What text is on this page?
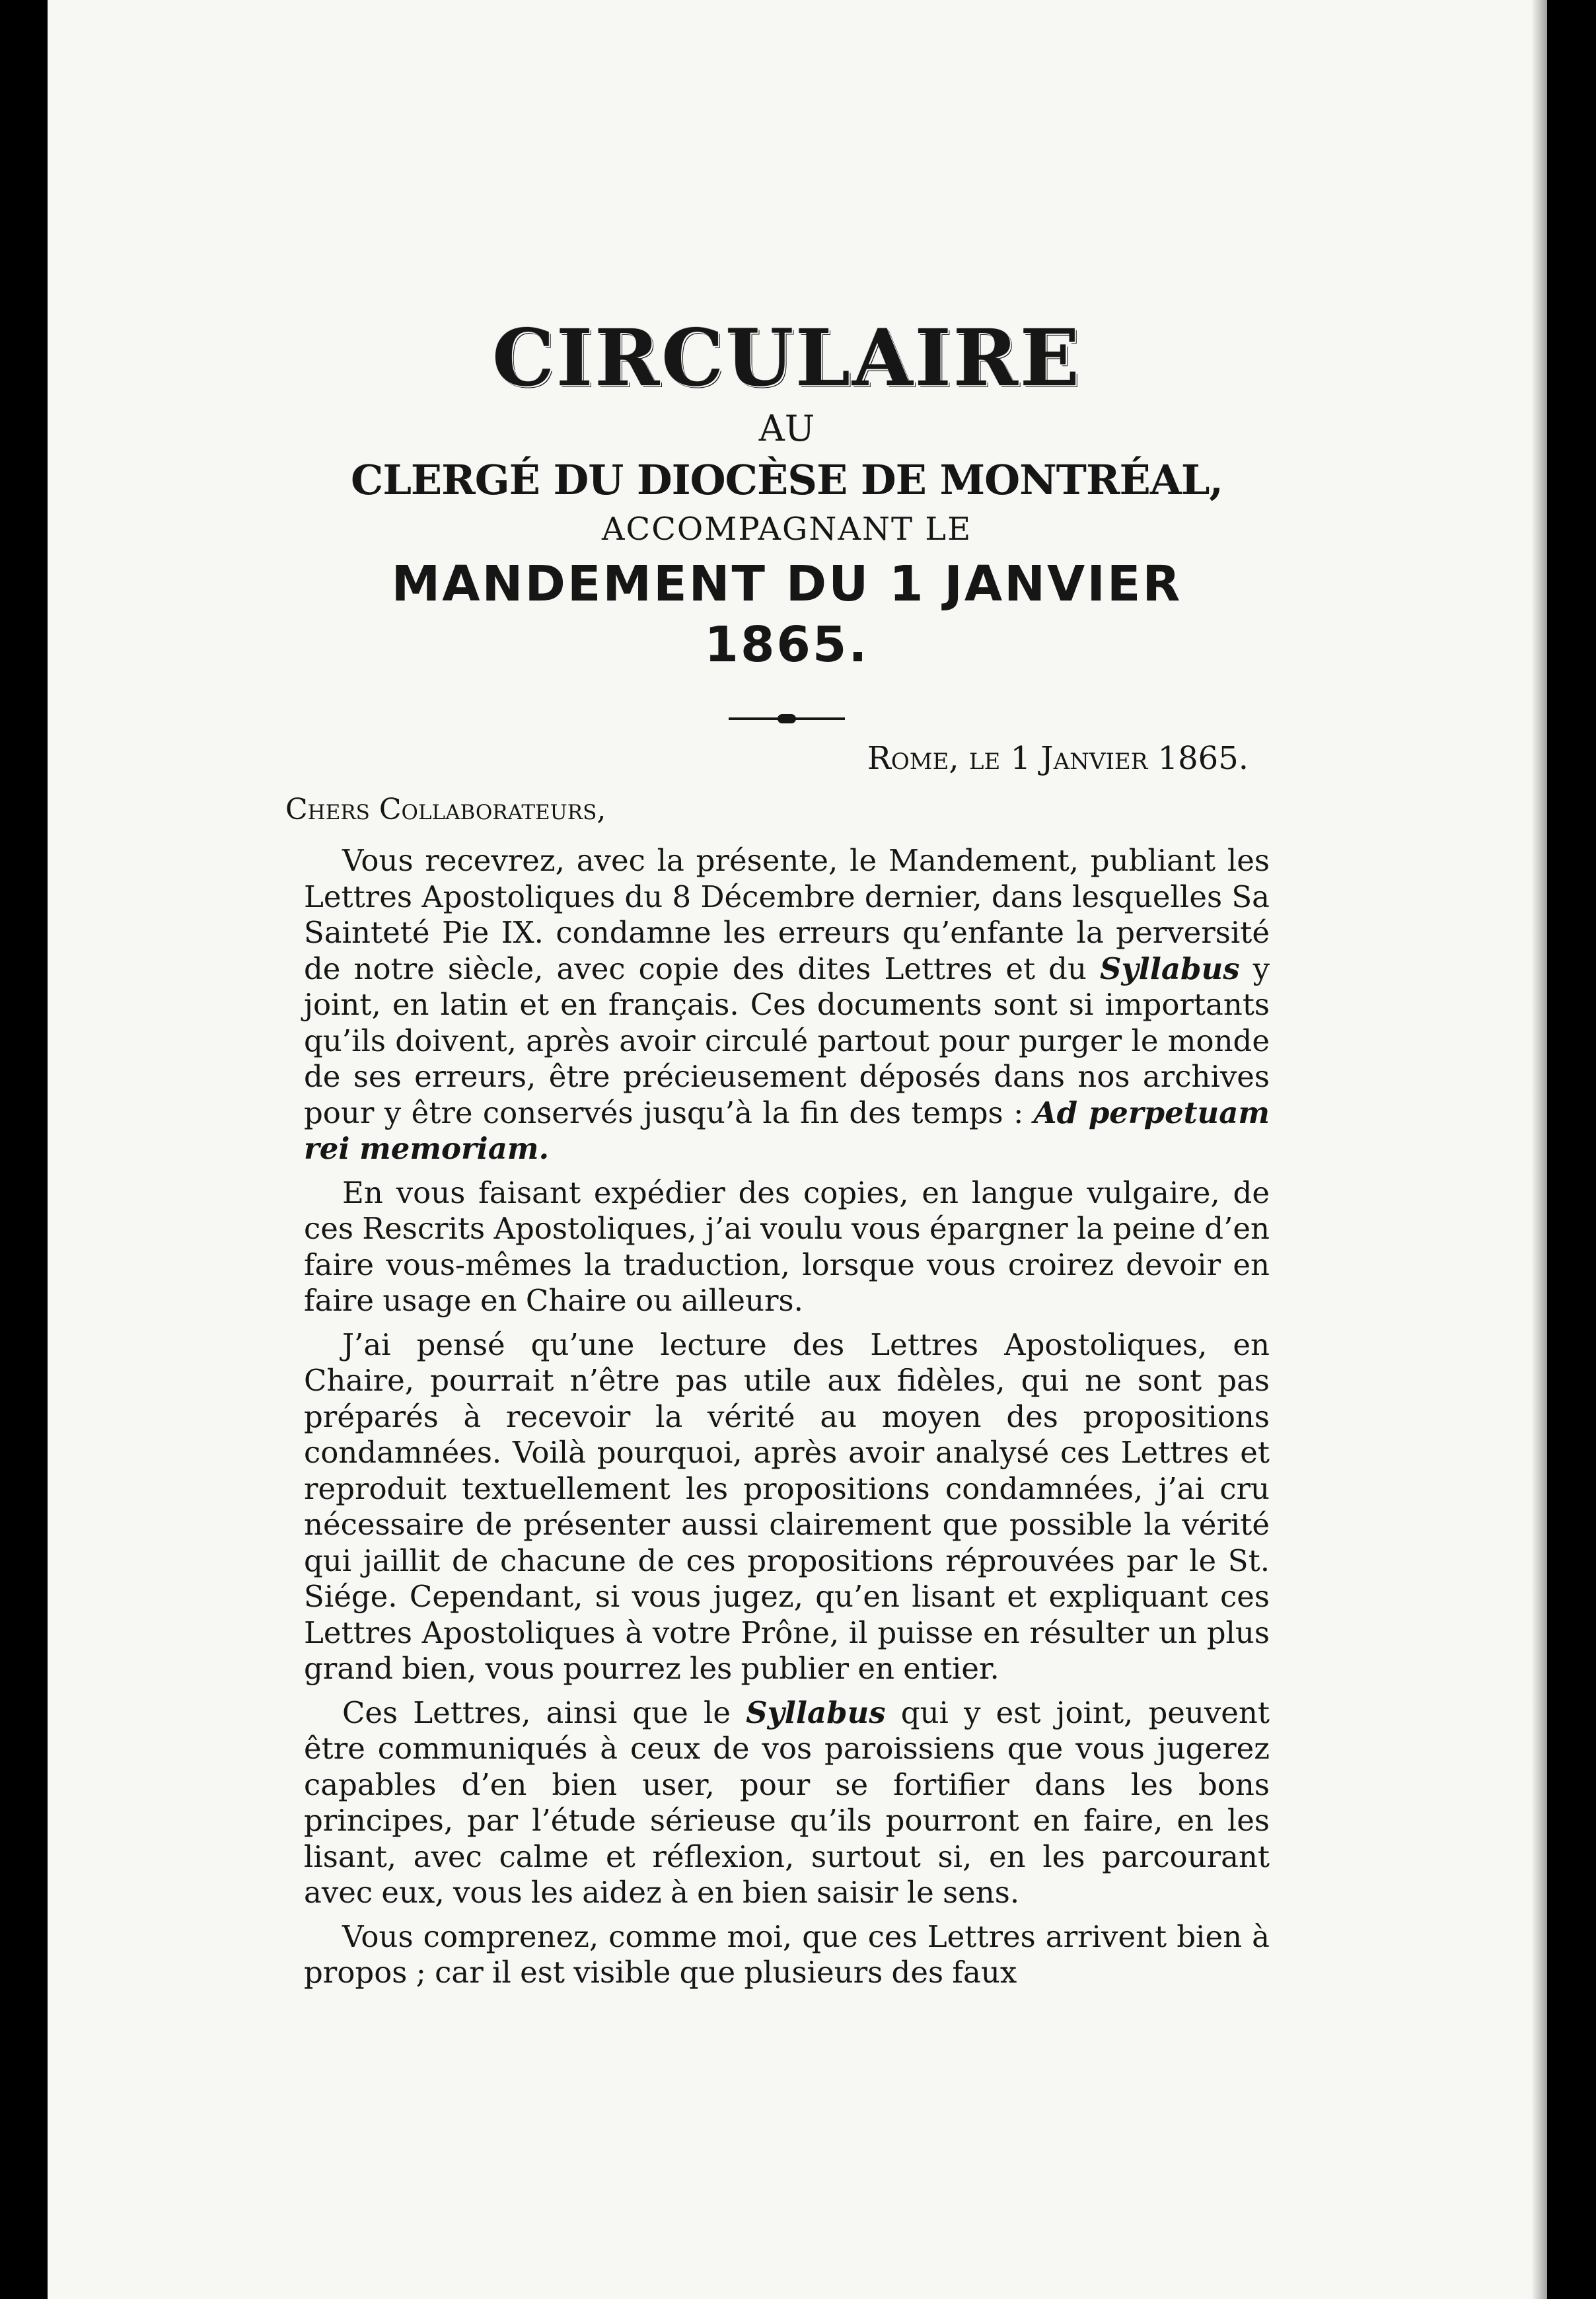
CIRCULAIRE
AU
CLERGÉ DU DIOCÈSE DE MONTRÉAL,
ACCOMPAGNANT LE
MANDEMENT DU 1 JANVIER 1865.
Rome, le 1 Janvier 1865.
Chers Collaborateurs,

Vous recevrez, avec la présente, le Mandement, publiant les Lettres Apostoliques du 8 Décembre dernier, dans lesquelles Sa Sainteté Pie IX. condamne les erreurs qu’enfante la perversité de notre siècle, avec copie des dites Lettres et du Syllabus y joint, en latin et en français. Ces documents sont si importants qu’ils doivent, après avoir circulé partout pour purger le monde de ses erreurs, être précieusement déposés dans nos archives pour y être conservés jusqu’à la fin des temps : Ad perpetuam rei memoriam.

En vous faisant expédier des copies, en langue vulgaire, de ces Rescrits Apostoliques, j’ai voulu vous épargner la peine d’en faire vous-mêmes la traduction, lorsque vous croirez devoir en faire usage en Chaire ou ailleurs.

J’ai pensé qu’une lecture des Lettres Apostoliques, en Chaire, pourrait n’être pas utile aux fidèles, qui ne sont pas préparés à recevoir la vérité au moyen des propositions condamnées. Voilà pourquoi, après avoir analysé ces Lettres et reproduit textuellement les propositions condamnées, j’ai cru nécessaire de présenter aussi clairement que possible la vérité qui jaillit de chacune de ces propositions réprouvées par le St. Siége. Cependant, si vous jugez, qu’en lisant et expliquant ces Lettres Apostoliques à votre Prône, il puisse en résulter un plus grand bien, vous pourrez les publier en entier.

Ces Lettres, ainsi que le Syllabus qui y est joint, peuvent être communiqués à ceux de vos paroissiens que vous jugerez capables d’en bien user, pour se fortifier dans les bons principes, par l’étude sérieuse qu’ils pourront en faire, en les lisant, avec calme et réflexion, surtout si, en les parcourant avec eux, vous les aidez à en bien saisir le sens.

Vous comprenez, comme moi, que ces Lettres arrivent bien à propos ; car il est visible que plusieurs des faux
